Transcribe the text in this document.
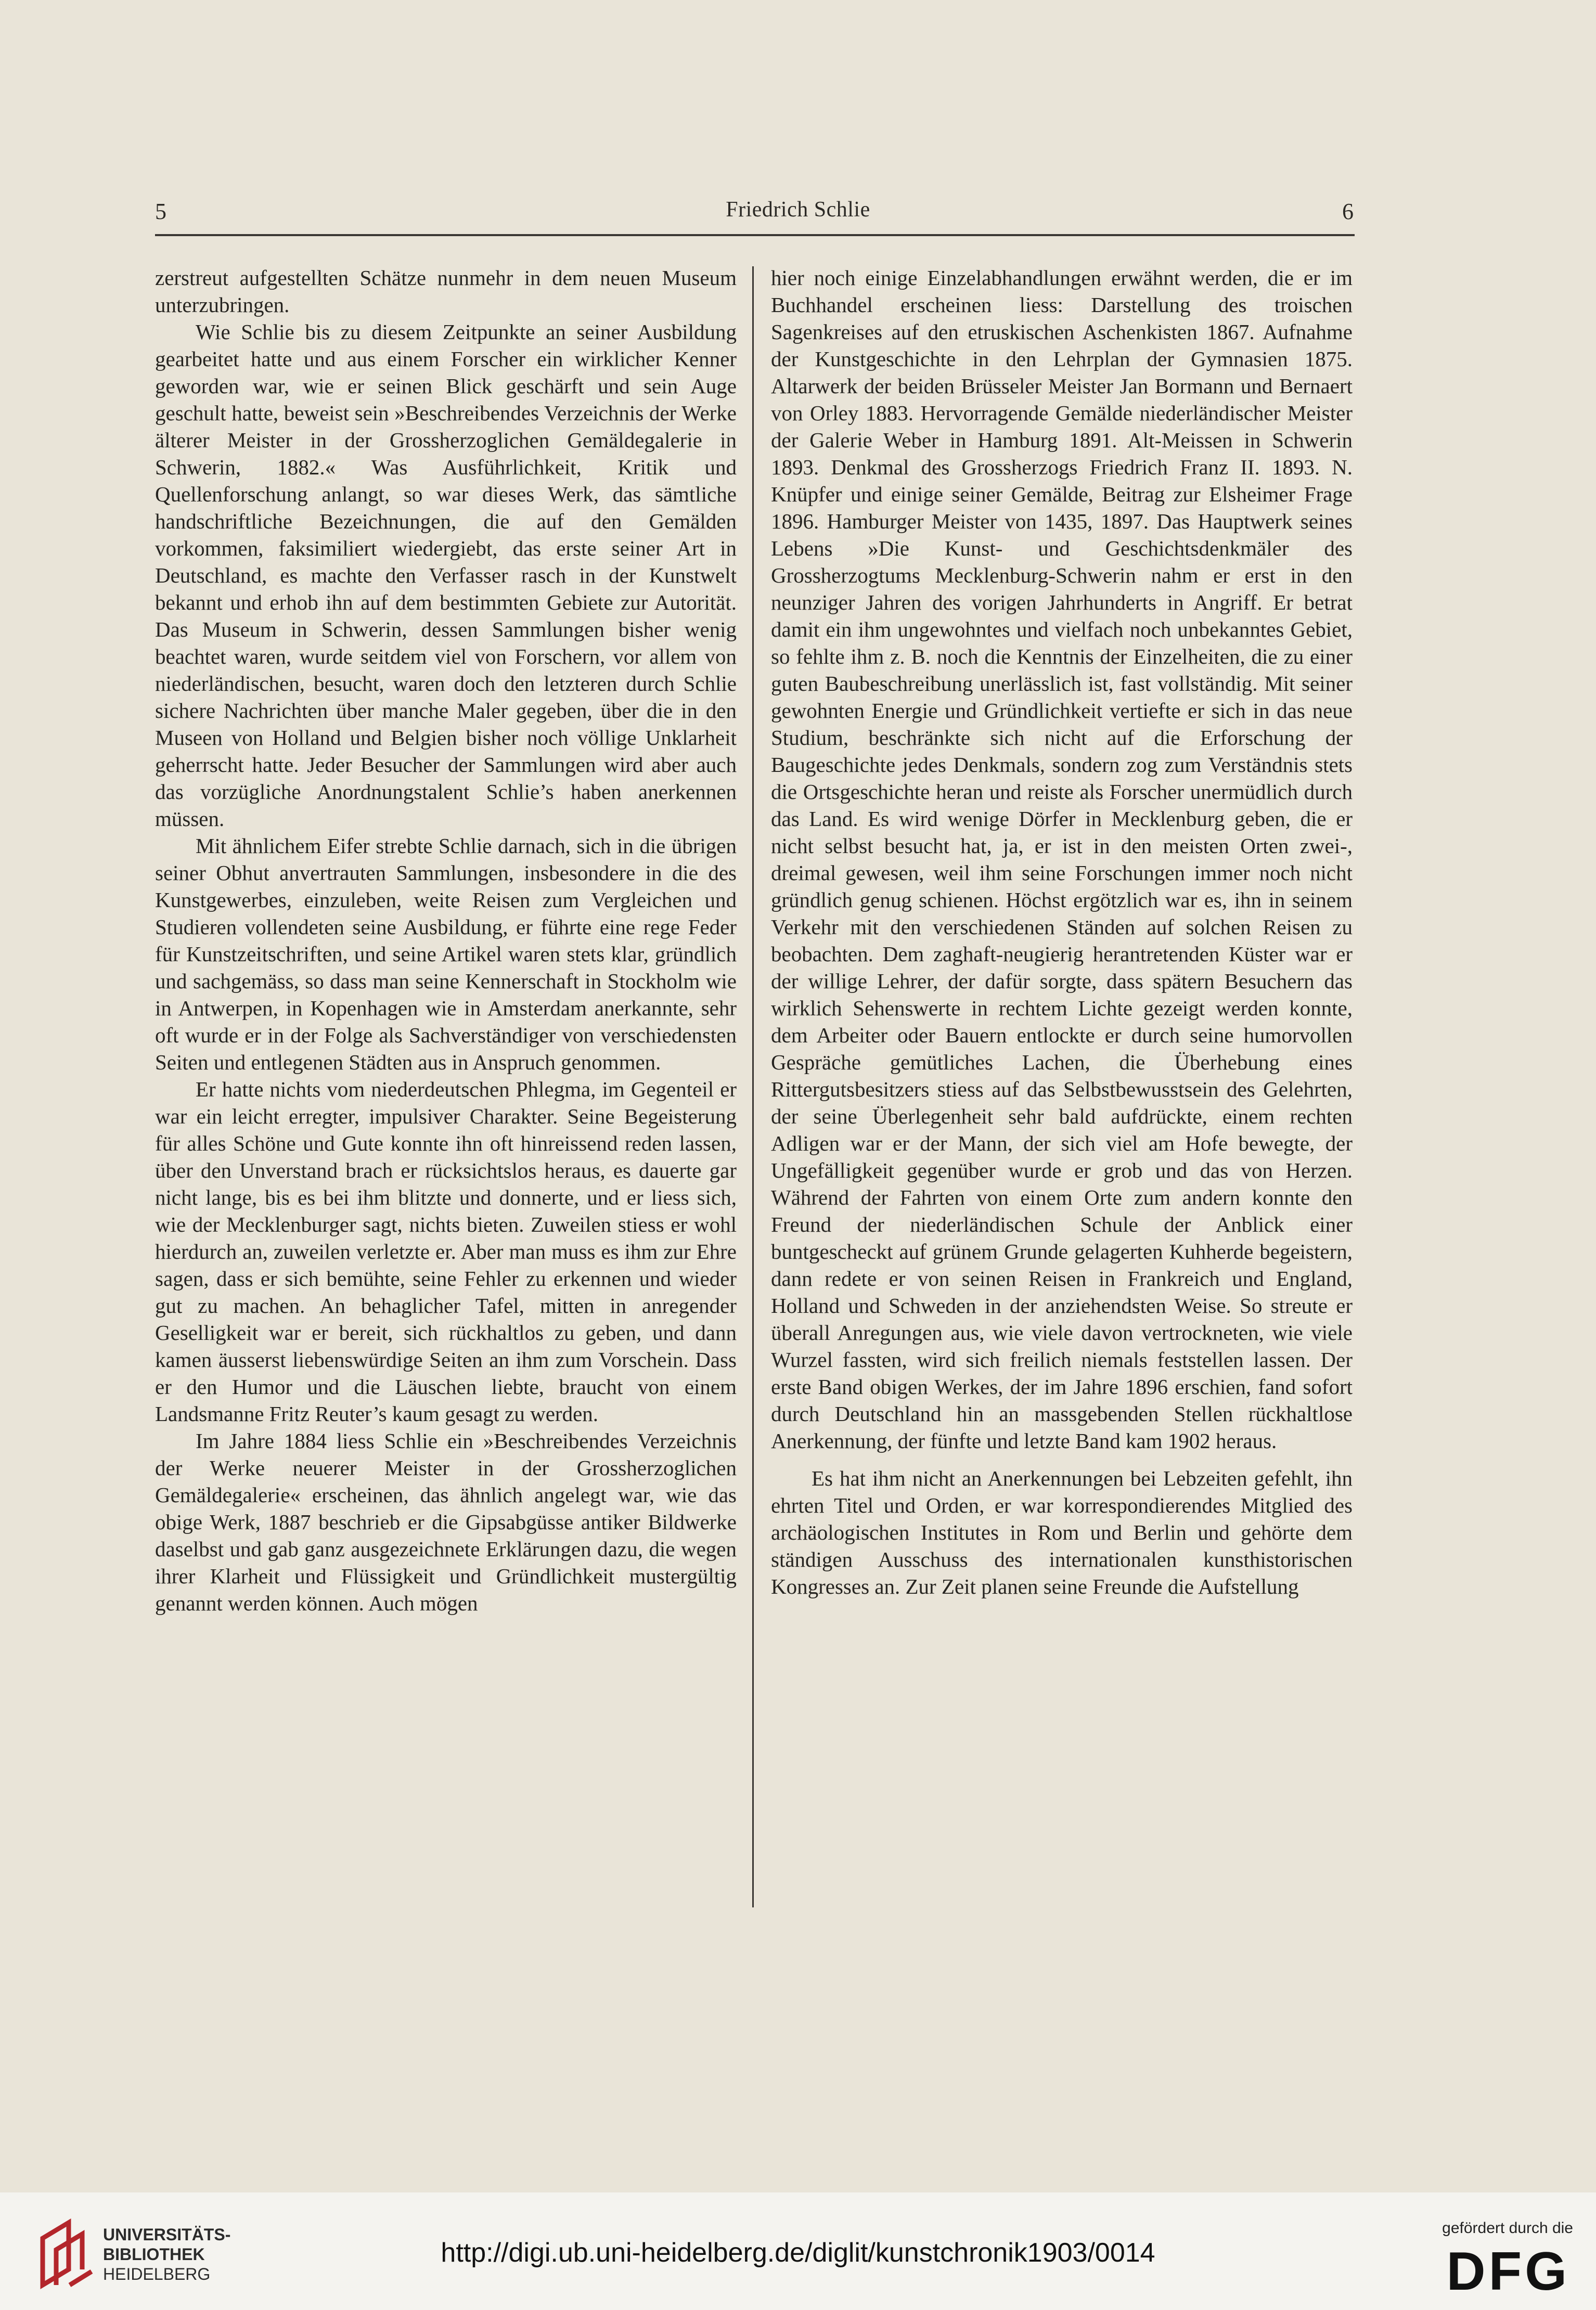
5	Friedrich Schlie	6

zerstreut aufgestellten Schätze nunmehr in dem neuen Museum unterzubringen.

Wie Schlie bis zu diesem Zeitpunkte an seiner Ausbildung gearbeitet hatte und aus einem Forscher ein wirklicher Kenner geworden war, wie er seinen Blick geschärft und sein Auge geschult hatte, beweist sein »Beschreibendes Verzeichnis der Werke älterer Meister in der Grossherzoglichen Gemäldegalerie in Schwerin, 1882.« Was Ausführlichkeit, Kritik und Quellenforschung anlangt, so war dieses Werk, das sämtliche handschriftliche Bezeichnungen, die auf den Gemälden vorkommen, faksimiliert wiedergiebt, das erste seiner Art in Deutschland, es machte den Verfasser rasch in der Kunstwelt bekannt und erhob ihn auf dem bestimmten Gebiete zur Autorität. Das Museum in Schwerin, dessen Sammlungen bisher wenig beachtet waren, wurde seitdem viel von Forschern, vor allem von niederländischen, besucht, waren doch den letzteren durch Schlie sichere Nachrichten über manche Maler gegeben, über die in den Museen von Holland und Belgien bisher noch völlige Unklarheit geherrscht hatte. Jeder Besucher der Sammlungen wird aber auch das vorzügliche Anordnungstalent Schlie’s haben anerkennen müssen.

Mit ähnlichem Eifer strebte Schlie darnach, sich in die übrigen seiner Obhut anvertrauten Sammlungen, insbesondere in die des Kunstgewerbes, einzuleben, weite Reisen zum Vergleichen und Studieren vollendeten seine Ausbildung, er führte eine rege Feder für Kunstzeitschriften, und seine Artikel waren stets klar, gründlich und sachgemäss, so dass man seine Kennerschaft in Stockholm wie in Antwerpen, in Kopenhagen wie in Amsterdam anerkannte, sehr oft wurde er in der Folge als Sachverständiger von verschiedensten Seiten und entlegenen Städten aus in Anspruch genommen.

Er hatte nichts vom niederdeutschen Phlegma, im Gegenteil er war ein leicht erregter, impulsiver Charakter. Seine Begeisterung für alles Schöne und Gute konnte ihn oft hinreissend reden lassen, über den Unverstand brach er rücksichtslos heraus, es dauerte gar nicht lange, bis es bei ihm blitzte und donnerte, und er liess sich, wie der Mecklenburger sagt, nichts bieten. Zuweilen stiess er wohl hierdurch an, zuweilen verletzte er. Aber man muss es ihm zur Ehre sagen, dass er sich bemühte, seine Fehler zu erkennen und wieder gut zu machen. An behaglicher Tafel, mitten in anregender Geselligkeit war er bereit, sich rückhaltlos zu geben, und dann kamen äusserst liebenswürdige Seiten an ihm zum Vorschein. Dass er den Humor und die Läuschen liebte, braucht von einem Landsmanne Fritz Reuter’s kaum gesagt zu werden.

Im Jahre 1884 liess Schlie ein »Beschreibendes Verzeichnis der Werke neuerer Meister in der Grossherzoglichen Gemäldegalerie« erscheinen, das ähnlich angelegt war, wie das obige Werk, 1887 beschrieb er die Gipsabgüsse antiker Bildwerke daselbst und gab ganz ausgezeichnete Erklärungen dazu, die wegen ihrer Klarheit und Flüssigkeit und Gründlichkeit mustergültig genannt werden können. Auch mögen

hier noch einige Einzelabhandlungen erwähnt werden, die er im Buchhandel erscheinen liess: Darstellung des troischen Sagenkreises auf den etruskischen Aschenkisten 1867. Aufnahme der Kunstgeschichte in den Lehrplan der Gymnasien 1875. Altarwerk der beiden Brüsseler Meister Jan Bormann und Bernaert von Orley 1883. Hervorragende Gemälde niederländischer Meister der Galerie Weber in Hamburg 1891. Alt-Meissen in Schwerin 1893. Denkmal des Grossherzogs Friedrich Franz II. 1893. N. Knüpfer und einige seiner Gemälde, Beitrag zur Elsheimer Frage 1896. Hamburger Meister von 1435, 1897. Das Hauptwerk seines Lebens »Die Kunst- und Geschichtsdenkmäler des Grossherzogtums Mecklenburg-Schwerin nahm er erst in den neunziger Jahren des vorigen Jahrhunderts in Angriff. Er betrat damit ein ihm ungewohntes und vielfach noch unbekanntes Gebiet, so fehlte ihm z. B. noch die Kenntnis der Einzelheiten, die zu einer guten Baubeschreibung unerlässlich ist, fast vollständig. Mit seiner gewohnten Energie und Gründlichkeit vertiefte er sich in das neue Studium, beschränkte sich nicht auf die Erforschung der Baugeschichte jedes Denkmals, sondern zog zum Verständnis stets die Ortsgeschichte heran und reiste als Forscher unermüdlich durch das Land. Es wird wenige Dörfer in Mecklenburg geben, die er nicht selbst besucht hat, ja, er ist in den meisten Orten zwei-, dreimal gewesen, weil ihm seine Forschungen immer noch nicht gründlich genug schienen. Höchst ergötzlich war es, ihn in seinem Verkehr mit den verschiedenen Ständen auf solchen Reisen zu beobachten. Dem zaghaft-neugierig herantretenden Küster war er der willige Lehrer, der dafür sorgte, dass spätern Besuchern das wirklich Sehenswerte in rechtem Lichte gezeigt werden konnte, dem Arbeiter oder Bauern entlockte er durch seine humorvollen Gespräche gemütliches Lachen, die Überhebung eines Rittergutsbesitzers stiess auf das Selbstbewusstsein des Gelehrten, der seine Überlegenheit sehr bald aufdrückte, einem rechten Adligen war er der Mann, der sich viel am Hofe bewegte, der Ungefälligkeit gegenüber wurde er grob und das von Herzen. Während der Fahrten von einem Orte zum andern konnte den Freund der niederländischen Schule der Anblick einer buntgescheckt auf grünem Grunde gelagerten Kuhherde begeistern, dann redete er von seinen Reisen in Frankreich und England, Holland und Schweden in der anziehendsten Weise. So streute er überall Anregungen aus, wie viele davon vertrockneten, wie viele Wurzel fassten, wird sich freilich niemals feststellen lassen. Der erste Band obigen Werkes, der im Jahre 1896 erschien, fand sofort durch Deutschland hin an massgebenden Stellen rückhaltlose Anerkennung, der fünfte und letzte Band kam 1902 heraus.

Es hat ihm nicht an Anerkennungen bei Lebzeiten gefehlt, ihn ehrten Titel und Orden, er war korrespondierendes Mitglied des archäologischen Institutes in Rom und Berlin und gehörte dem ständigen Ausschuss des internationalen kunsthistorischen Kongresses an. Zur Zeit planen seine Freunde die Aufstellung

UNIVERSITÄTS-
BIBLIOTHEK
HEIDELBERG
http://digi.ub.uni-heidelberg.de/diglit/kunstchronik1903/0014
gefördert durch die
DFG
